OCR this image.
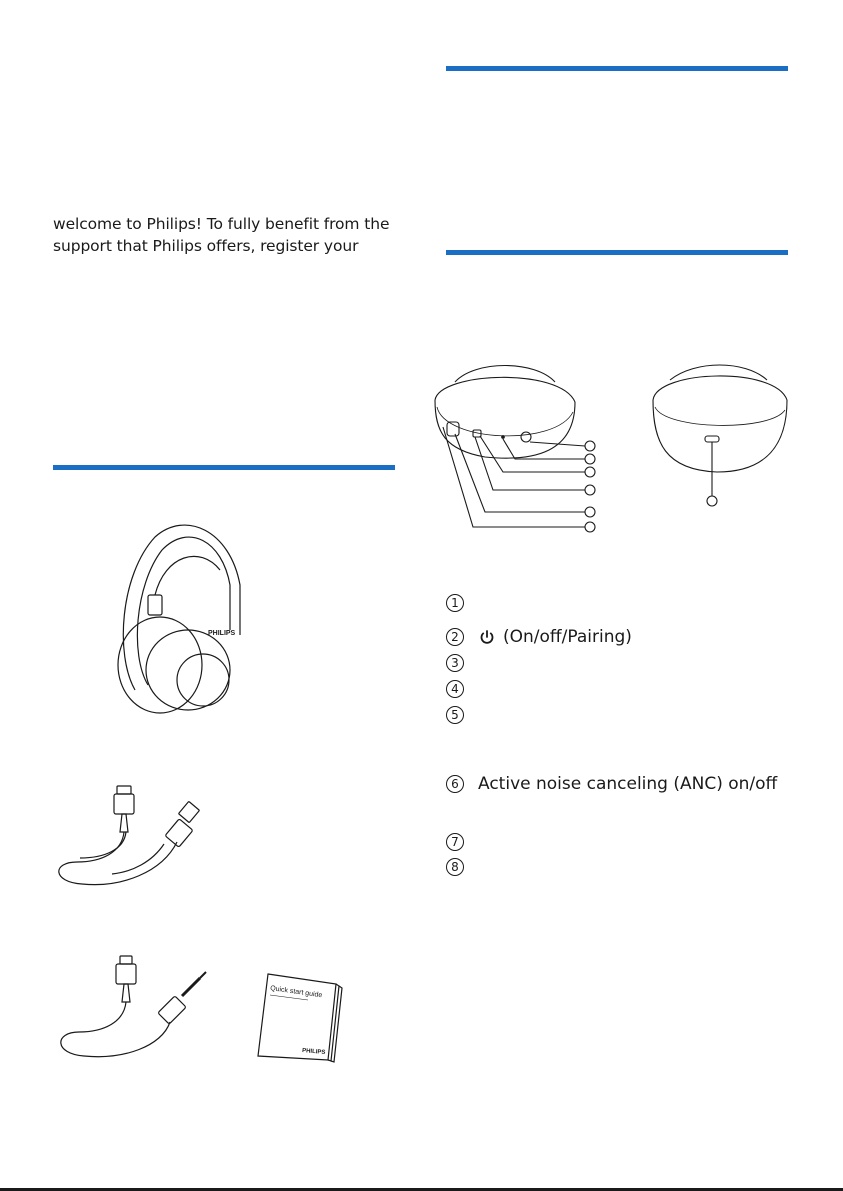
welcome to Philips! To fully benefit from the support that Philips offers, register your

PHILIPS
Quick start guide
PHILIPS
1
2	(On/off/Pairing)
3
4
5
6	Active noise canceling (ANC) on/off
7
8
